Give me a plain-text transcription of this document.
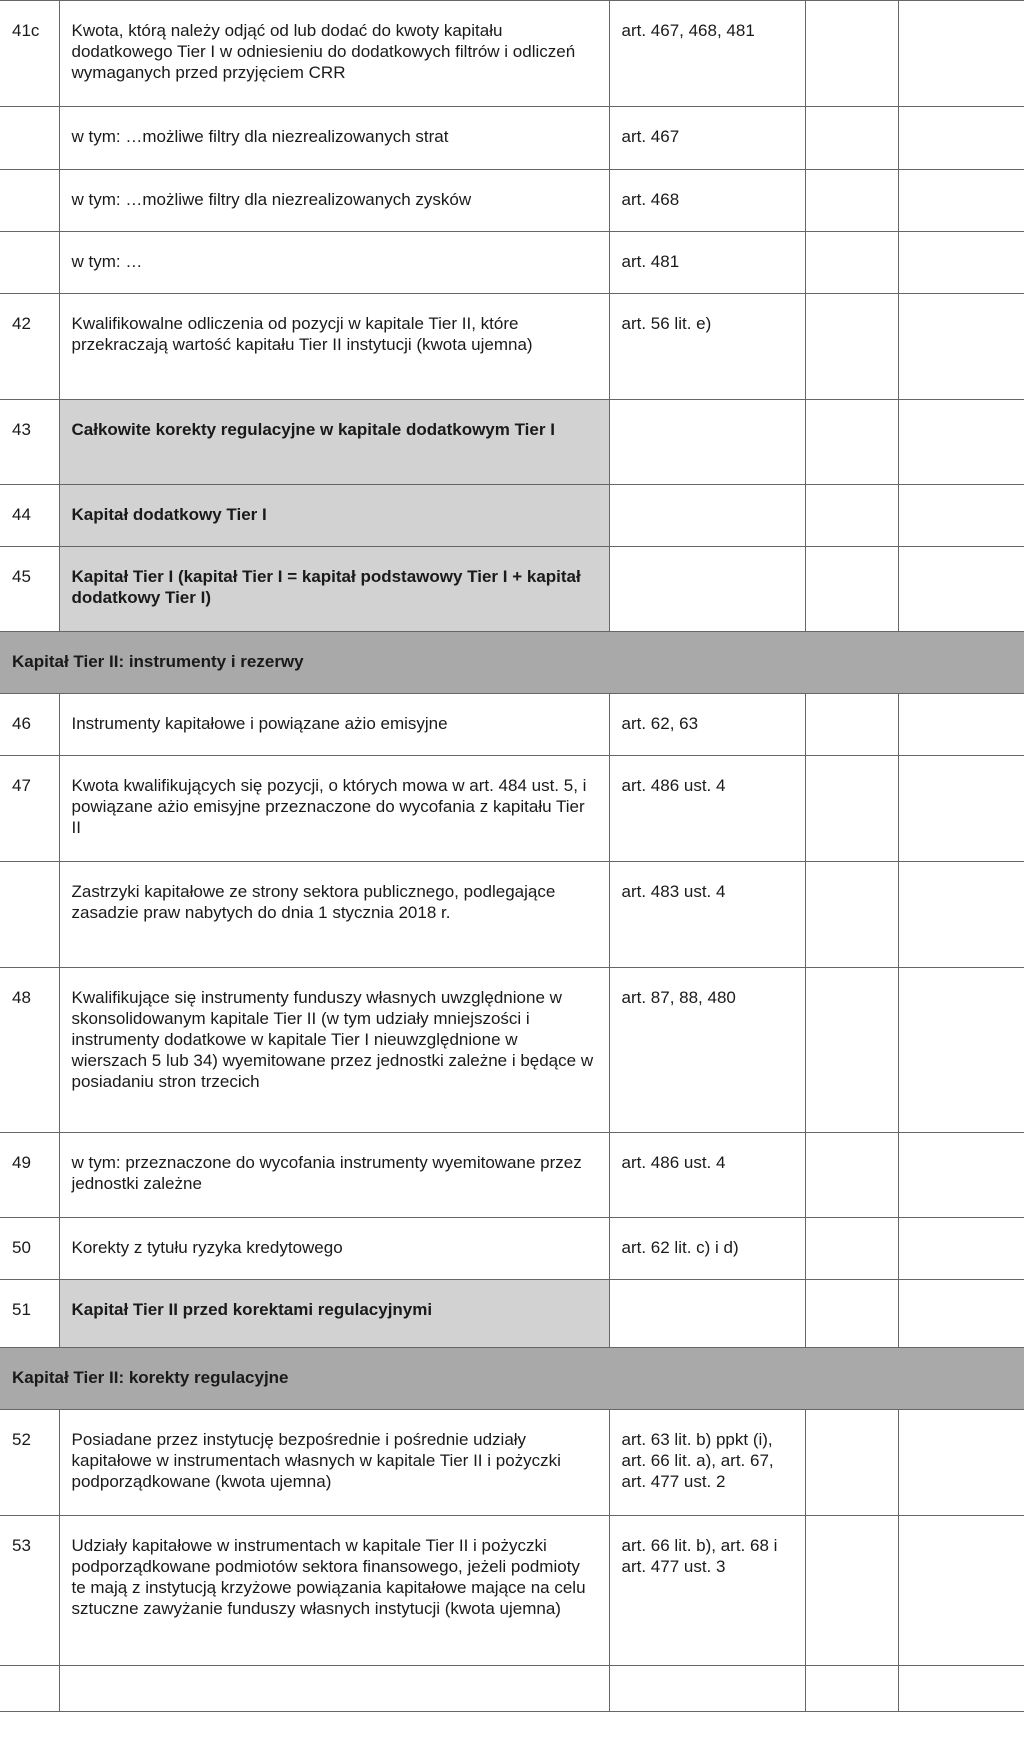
41c	Kwota, którą należy odjąć od lub dodać do kwoty kapitału dodatkowego Tier I w odniesieniu do dodatkowych filtrów i odliczeń wymaganych przed przyjęciem CRR	art. 467, 468, 481		
	w tym: …możliwe filtry dla niezrealizowanych strat	art. 467		
	w tym: …możliwe filtry dla niezrealizowanych zysków	art. 468		
	w tym: …	art. 481		
42	Kwalifikowalne odliczenia od pozycji w kapitale Tier II, które przekraczają wartość kapitału Tier II instytucji (kwota ujemna)	art. 56 lit. e)		
43	Całkowite korekty regulacyjne w kapitale dodatkowym Tier I			
44	Kapitał dodatkowy Tier I			
45	Kapitał Tier I (kapitał Tier I = kapitał podstawowy Tier I + kapitał dodatkowy Tier I)			
Kapitał Tier II: instrumenty i rezerwy				
46	Instrumenty kapitałowe i powiązane ażio emisyjne	art. 62, 63		
47	Kwota kwalifikujących się pozycji, o których mowa w art. 484 ust. 5, i powiązane ażio emisyjne przeznaczone do wycofania z kapitału Tier II	art. 486 ust. 4		
	Zastrzyki kapitałowe ze strony sektora publicznego, podlegające zasadzie praw nabytych do dnia 1 stycznia 2018 r.	art. 483 ust. 4		
48	Kwalifikujące się instrumenty funduszy własnych uwzględnione w skonsolidowanym kapitale Tier II (w tym udziały mniejszości i instrumenty dodatkowe w kapitale Tier I nieuwzględnione w wierszach 5 lub 34) wyemitowane przez jednostki zależne i będące w posiadaniu stron trzecich	art. 87, 88, 480		
49	w tym: przeznaczone do wycofania instrumenty wyemitowane przez jednostki zależne	art. 486 ust. 4		
50	Korekty z tytułu ryzyka kredytowego	art. 62 lit. c) i d)		
51	Kapitał Tier II przed korektami regulacyjnymi			
Kapitał Tier II: korekty regulacyjne				
52	Posiadane przez instytucję bezpośrednie i pośrednie udziały kapitałowe w instrumentach własnych w kapitale Tier II i pożyczki podporządkowane (kwota ujemna)	art. 63 lit. b) ppkt (i), art. 66 lit. a), art. 67, art. 477 ust. 2		
53	Udziały kapitałowe w instrumentach w kapitale Tier II i pożyczki podporządkowane podmiotów sektora finansowego, jeżeli podmioty te mają z instytucją krzyżowe powiązania kapitałowe mające na celu sztuczne zawyżanie funduszy własnych instytucji (kwota ujemna)	art. 66 lit. b), art. 68 i art. 477 ust. 3		
